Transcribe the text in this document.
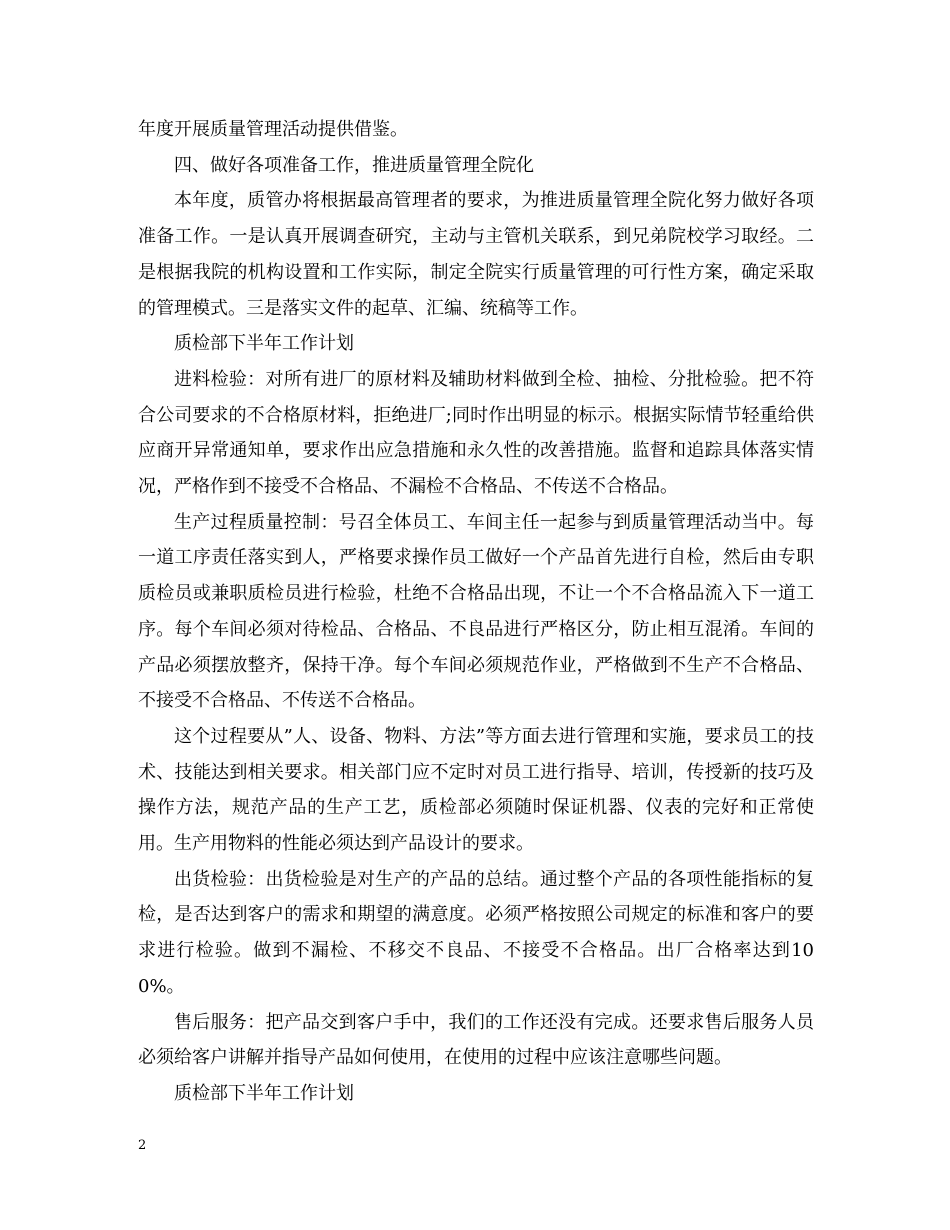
年度开展质量管理活动提供借鉴。

四、做好各项准备工作，推进质量管理全院化

本年度，质管办将根据最高管理者的要求，为推进质量管理全院化努力做好各项准备工作。一是认真开展调查研究，主动与主管机关联系，到兄弟院校学习取经。二是根据我院的机构设置和工作实际，制定全院实行质量管理的可行性方案，确定采取的管理模式。三是落实文件的起草、汇编、统稿等工作。

质检部下半年工作计划

进料检验：对所有进厂的原材料及辅助材料做到全检、抽检、分批检验。把不符合公司要求的不合格原材料，拒绝进厂;同时作出明显的标示。根据实际情节轻重给供应商开异常通知单，要求作出应急措施和永久性的改善措施。监督和追踪具体落实情况，严格作到不接受不合格品、不漏检不合格品、不传送不合格品。

生产过程质量控制：号召全体员工、车间主任一起参与到质量管理活动当中。每一道工序责任落实到人，严格要求操作员工做好一个产品首先进行自检，然后由专职质检员或兼职质检员进行检验，杜绝不合格品出现，不让一个不合格品流入下一道工序。每个车间必须对待检品、合格品、不良品进行严格区分，防止相互混淆。车间的产品必须摆放整齐，保持干净。每个车间必须规范作业，严格做到不生产不合格品、不接受不合格品、不传送不合格品。

这个过程要从”人、设备、物料、方法”等方面去进行管理和实施，要求员工的技术、技能达到相关要求。相关部门应不定时对员工进行指导、培训，传授新的技巧及操作方法，规范产品的生产工艺，质检部必须随时保证机器、仪表的完好和正常使用。生产用物料的性能必须达到产品设计的要求。

出货检验：出货检验是对生产的产品的总结。通过整个产品的各项性能指标的复检，是否达到客户的需求和期望的满意度。必须严格按照公司规定的标准和客户的要求进行检验。做到不漏检、不移交不良品、不接受不合格品。出厂合格率达到100%。

售后服务：把产品交到客户手中，我们的工作还没有完成。还要求售后服务人员必须给客户讲解并指导产品如何使用，在使用的过程中应该注意哪些问题。

质检部下半年工作计划

2
